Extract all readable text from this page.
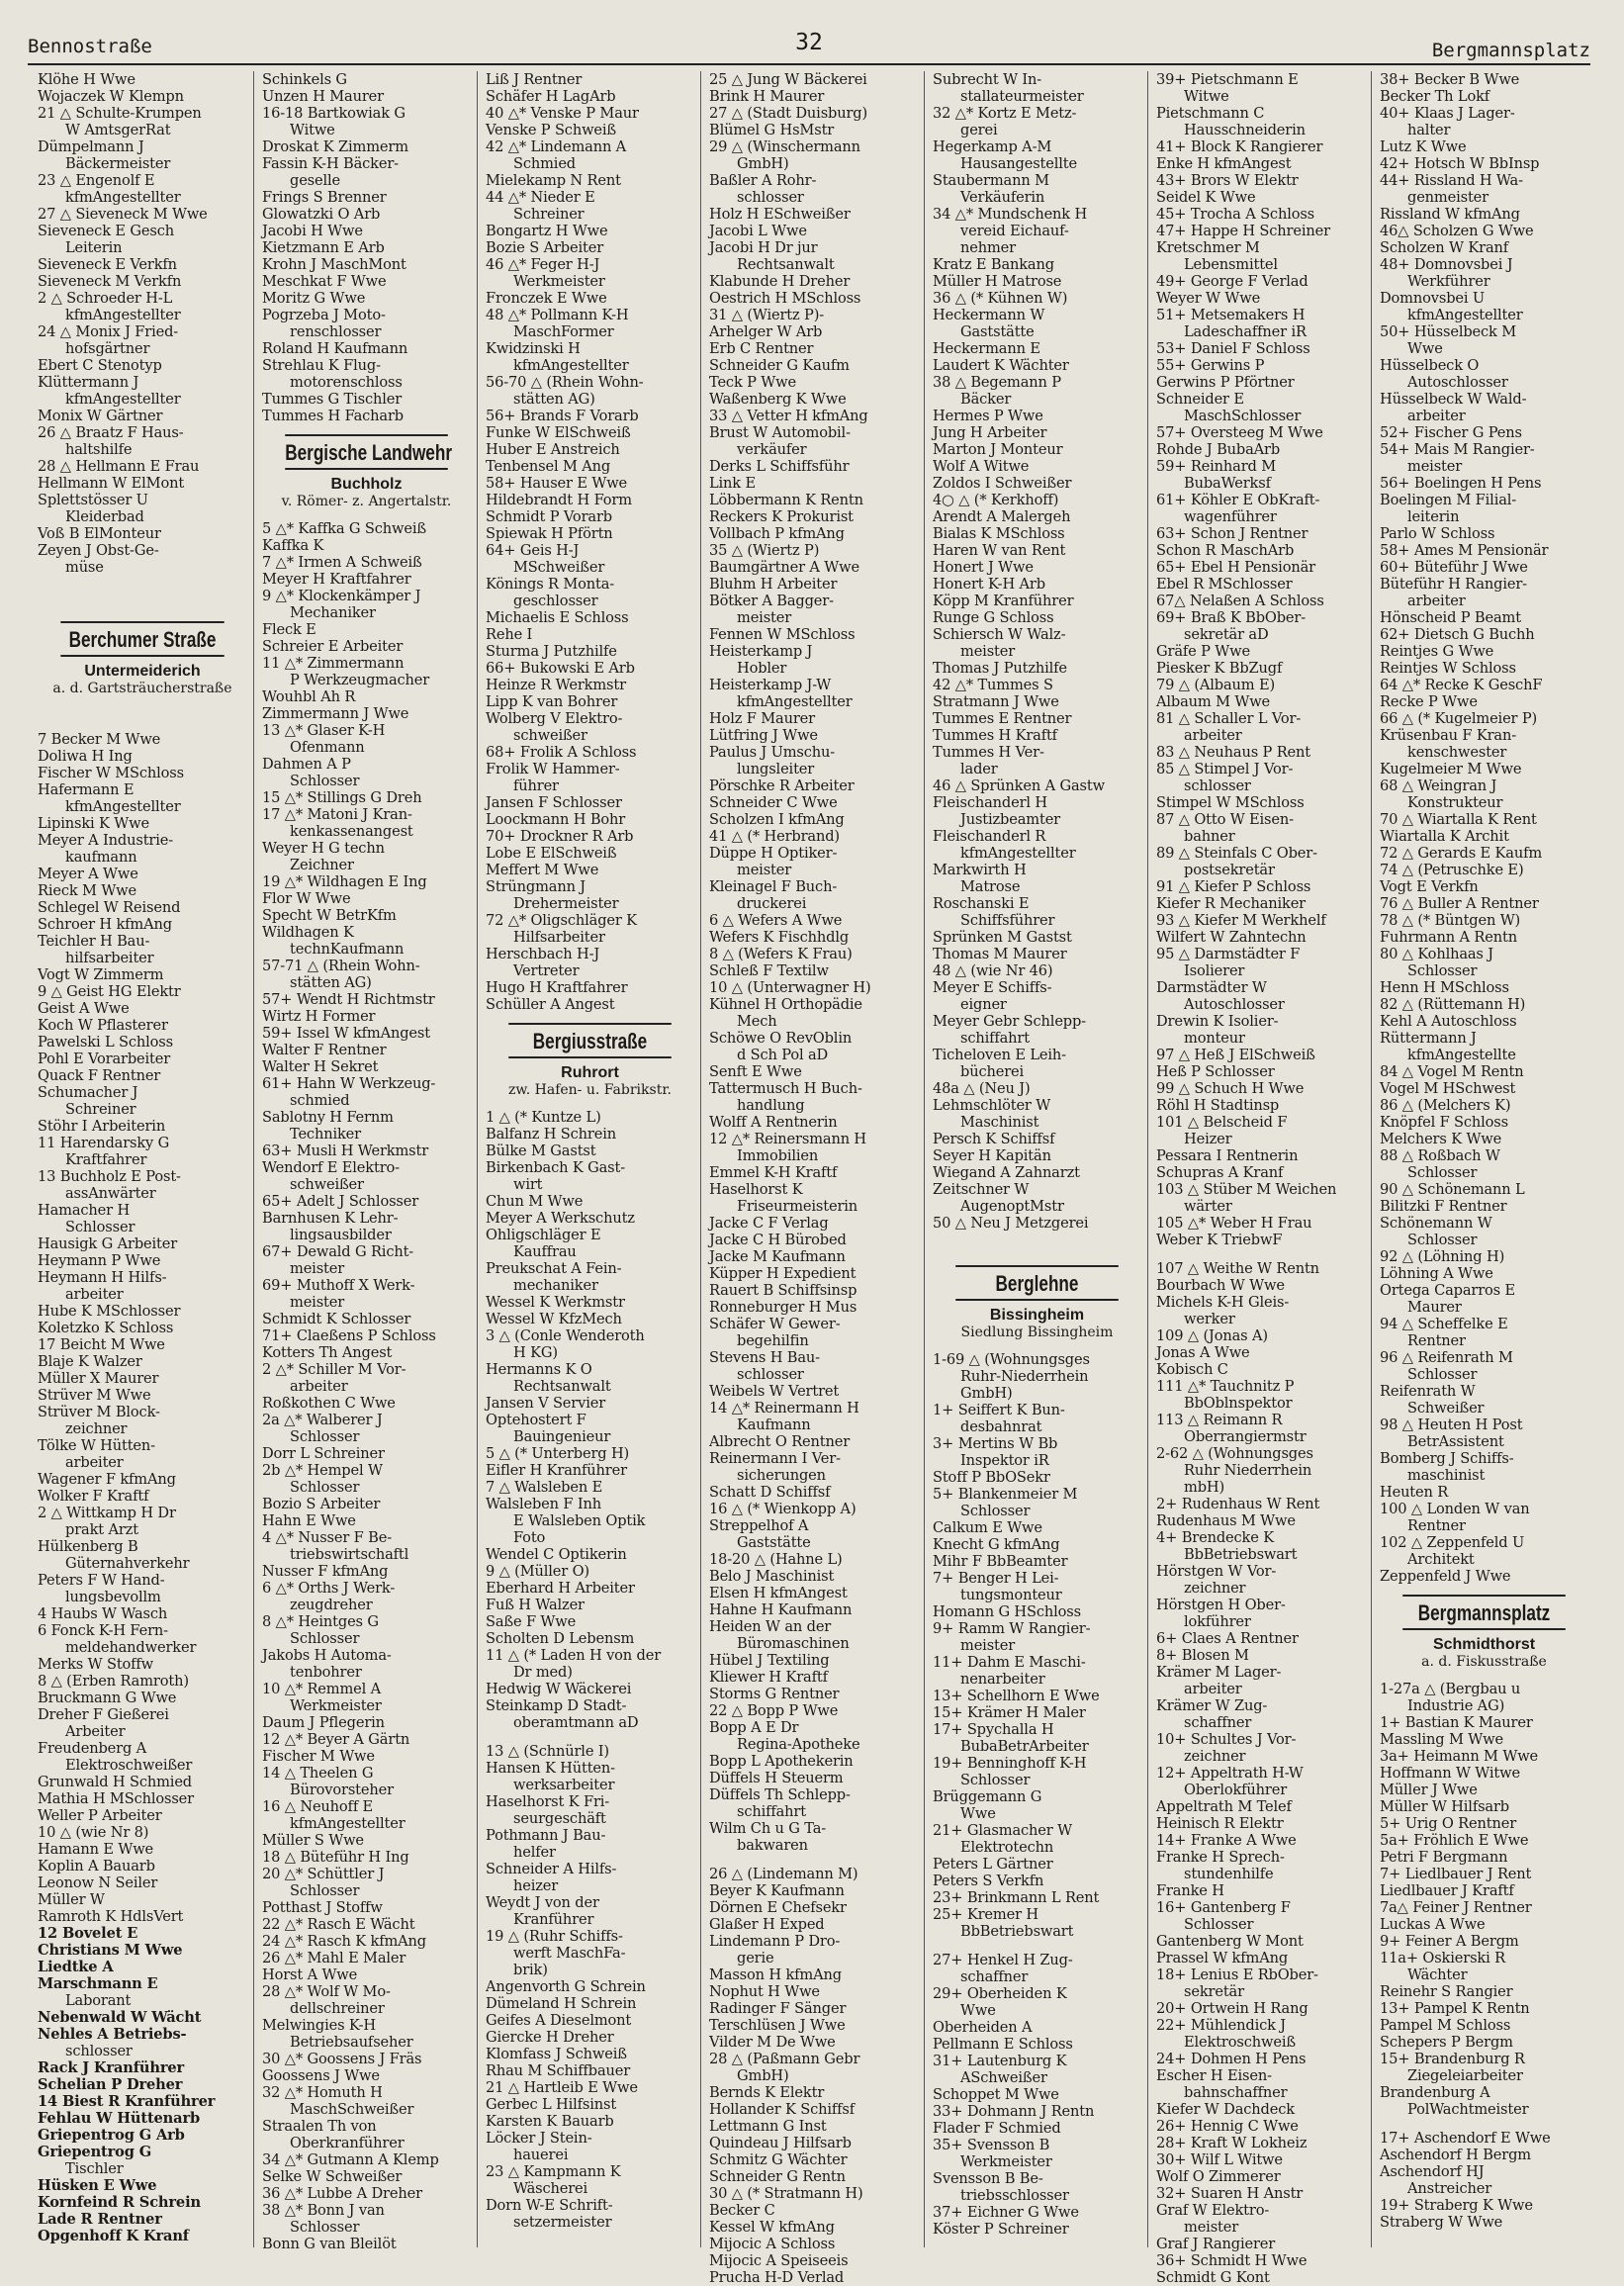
Bennostraße	32	Bergmannsplatz
Klöhe H Wwe
Wojaczek W Klempn
21 △ Schulte-Krumpen
W AmtsgerRat
Dümpelmann J
Bäckermeister
23 △ Engenolf E
kfmAngestellter
27 △ Sieveneck M Wwe
Sieveneck E Gesch
Leiterin
Sieveneck E Verkfn
Sieveneck M Verkfn
2 △ Schroeder H-L
kfmAngestellter
24 △ Monix J Fried-
hofsgärtner
Ebert C Stenotyp
Klüttermann J
kfmAngestellter
Monix W Gärtner
26 △ Braatz F Haus-
haltshilfe
28 △ Hellmann E Frau
Hellmann W ElMont
Splettstösser U
Kleiderbad
Voß B ElMonteur
Zeyen J Obst-Ge-
müse
Berchumer Straße
Untermeiderich
a. d. Gartsträucherstraße
7 Becker M Wwe
Doliwa H Ing
Fischer W MSchloss
Hafermann E
kfmAngestellter
Lipinski K Wwe
Meyer A Industrie-
kaufmann
Meyer A Wwe
Rieck M Wwe
Schlegel W Reisend
Schroer H kfmAng
Teichler H Bau-
hilfsarbeiter
Vogt W Zimmerm
9 △ Geist HG Elektr
Geist A Wwe
Koch W Pflasterer
Pawelski L Schloss
Pohl E Vorarbeiter
Quack F Rentner
Schumacher J
Schreiner
Stöhr I Arbeiterin
11 Harendarsky G
Kraftfahrer
13 Buchholz E Post-
assAnwärter
Hamacher H
Schlosser
Hausigk G Arbeiter
Heymann P Wwe
Heymann H Hilfs-
arbeiter
Hube K MSchlosser
Koletzko K Schloss
17 Beicht M Wwe
Blaje K Walzer
Müller X Maurer
Strüver M Wwe
Strüver M Block-
zeichner
Tölke W Hütten-
arbeiter
Wagener F kfmAng
Wolker F Kraftf
2 △ Wittkamp H Dr
prakt Arzt
Hülkenberg B
Güternahverkehr
Peters F W Hand-
lungsbevollm
4 Haubs W Wasch
6 Fonck K-H Fern-
meldehandwerker
Merks W Stoffw
8 △ (Erben Ramroth)
Bruckmann G Wwe
Dreher F Gießerei
Arbeiter
Freudenberg A
Elektroschweißer
Grunwald H Schmied
Mathia H MSchlosser
Weller P Arbeiter
10 △ (wie Nr 8)
Hamann E Wwe
Koplin A Bauarb
Leonow N Seiler
Müller W
Ramroth K HdlsVert
12 Bovelet E
Christians M Wwe
Liedtke A
Marschmann E
Laborant
Nebenwald W Wächt
Nehles A Betriebs-
schlosser
Rack J Kranführer
Schelian P Dreher
14 Biest R Kranführer
Fehlau W Hüttenarb
Griepentrog G Arb
Griepentrog G
Tischler
Hüsken E Wwe
Kornfeind R Schrein
Lade R Rentner
Opgenhoff K Kranf
Schinkels G
Unzen H Maurer
16-18 Bartkowiak G
Witwe
Droskat K Zimmerm
Fassin K-H Bäcker-
geselle
Frings S Brenner
Glowatzki O Arb
Jacobi H Wwe
Kietzmann E Arb
Krohn J MaschMont
Meschkat F Wwe
Moritz G Wwe
Pogrzeba J Moto-
renschlosser
Roland H Kaufmann
Strehlau K Flug-
motorenschloss
Tummes G Tischler
Tummes H Facharb
Bergische Landwehr
Buchholz
v. Römer- z. Angertalstr.
5 △* Kaffka G Schweiß
Kaffka K
7 △* Irmen A Schweiß
Meyer H Kraftfahrer
9 △* Klockenkämper J
Mechaniker
Fleck E
Schreier E Arbeiter
11 △* Zimmermann
P Werkzeugmacher
Wouhbl Ah R
Zimmermann J Wwe
13 △* Glaser K-H
Ofenmann
Dahmen A P
Schlosser
15 △* Stillings G Dreh
17 △* Matoni J Kran-
kenkassenangest
Weyer H G techn
Zeichner
19 △* Wildhagen E Ing
Flor W Wwe
Specht W BetrKfm
Wildhagen K
technKaufmann
57-71 △ (Rhein Wohn-
stätten AG)
57+ Wendt H Richtmstr
Wirtz H Former
59+ Issel W kfmAngest
Walter F Rentner
Walter H Sekret
61+ Hahn W Werkzeug-
schmied
Sablotny H Fernm
Techniker
63+ Musli H Werkmstr
Wendorf E Elektro-
schweißer
65+ Adelt J Schlosser
Barnhusen K Lehr-
lingsausbilder
67+ Dewald G Richt-
meister
69+ Muthoff X Werk-
meister
Schmidt K Schlosser
71+ Claeßens P Schloss
Kotters Th Angest
2 △* Schiller M Vor-
arbeiter
Roßkothen C Wwe
2a △* Walberer J
Schlosser
Dorr L Schreiner
2b △* Hempel W
Schlosser
Bozio S Arbeiter
Hahn E Wwe
4 △* Nusser F Be-
triebswirtschaftl
Nusser F kfmAng
6 △* Orths J Werk-
zeugdreher
8 △* Heintges G
Schlosser
Jakobs H Automa-
tenbohrer
10 △* Remmel A
Werkmeister
Daum J Pflegerin
12 △* Beyer A Gärtn
Fischer M Wwe
14 △ Theelen G
Bürovorsteher
16 △ Neuhoff E
kfmAngestellter
Müller S Wwe
18 △ Büteführ H Ing
20 △* Schüttler J
Schlosser
Potthast J Stoffw
22 △* Rasch E Wächt
24 △* Rasch K kfmAng
26 △* Mahl E Maler
Horst A Wwe
28 △* Wolf W Mo-
dellschreiner
Melwingies K-H
Betriebsaufseher
30 △* Goossens J Fräs
Goossens J Wwe
32 △* Homuth H
MaschSchweißer
Straalen Th von
Oberkranführer
34 △* Gutmann A Klemp
Selke W Schweißer
36 △* Lubbe A Dreher
38 △* Bonn J van
Schlosser
Bonn G van Bleilöt
Liß J Rentner
Schäfer H LagArb
40 △* Venske P Maur
Venske P Schweiß
42 △* Lindemann A
Schmied
Mielekamp N Rent
44 △* Nieder E
Schreiner
Bongartz H Wwe
Bozie S Arbeiter
46 △* Feger H-J
Werkmeister
Fronczek E Wwe
48 △* Pollmann K-H
MaschFormer
Kwidzinski H
kfmAngestellter
56-70 △ (Rhein Wohn-
stätten AG)
56+ Brands F Vorarb
Funke W ElSchweiß
Huber E Anstreich
Tenbensel M Ang
58+ Hauser E Wwe
Hildebrandt H Form
Schmidt P Vorarb
Spiewak H Pförtn
64+ Geis H-J
MSchweißer
Könings R Monta-
geschlosser
Michaelis E Schloss
Rehe I
Sturma J Putzhilfe
66+ Bukowski E Arb
Heinze R Werkmstr
Lipp K van Bohrer
Wolberg V Elektro-
schweißer
68+ Frolik A Schloss
Frolik W Hammer-
führer
Jansen F Schlosser
Loockmann H Bohr
70+ Drockner R Arb
Lobe E ElSchweiß
Meffert M Wwe
Strüngmann J
Drehermeister
72 △* Oligschläger K
Hilfsarbeiter
Herschbach H-J
Vertreter
Hugo H Kraftfahrer
Schüller A Angest
Bergiusstraße
Ruhrort
zw. Hafen- u. Fabrikstr.
1 △ (* Kuntze L)
Balfanz H Schrein
Bülke M Gastst
Birkenbach K Gast-
wirt
Chun M Wwe
Meyer A Werkschutz
Ohligschläger E
Kauffrau
Preukschat A Fein-
mechaniker
Wessel K Werkmstr
Wessel W KfzMech
3 △ (Conle Wenderoth
H KG)
Hermanns K O
Rechtsanwalt
Jansen V Servier
Optehostert F
Bauingenieur
5 △ (* Unterberg H)
Eifler H Kranführer
7 △ Walsleben E
Walsleben F Inh
E Walsleben Optik
Foto
Wendel C Optikerin
9 △ (Müller O)
Eberhard H Arbeiter
Fuß H Walzer
Saße F Wwe
Scholten D Lebensm
11 △ (* Laden H von der
Dr med)
Hedwig W Wäckerei
Steinkamp D Stadt-
oberamtmann aD
13 △ (Schnürle I)
Hansen K Hütten-
werksarbeiter
Haselhorst K Fri-
seurgeschäft
Pothmann J Bau-
helfer
Schneider A Hilfs-
heizer
Weydt J von der
Kranführer
19 △ (Ruhr Schiffs-
werft MaschFa-
brik)
Angenvorth G Schrein
Dümeland H Schrein
Geifes A Dieselmont
Giercke H Dreher
Klomfass J Schweiß
Rhau M Schiffbauer
21 △ Hartleib E Wwe
Gerbec L Hilfsinst
Karsten K Bauarb
Löcker J Stein-
hauerei
23 △ Kampmann K
Wäscherei
Dorn W-E Schrift-
setzermeister
25 △ Jung W Bäckerei
Brink H Maurer
27 △ (Stadt Duisburg)
Blümel G HsMstr
29 △ (Winschermann
GmbH)
Baßler A Rohr-
schlosser
Holz H ESchweißer
Jacobi L Wwe
Jacobi H Dr jur
Rechtsanwalt
Klabunde H Dreher
Oestrich H MSchloss
31 △ (Wiertz P)-
Arhelger W Arb
Erb C Rentner
Schneider G Kaufm
Teck P Wwe
Waßenberg K Wwe
33 △ Vetter H kfmAng
Brust W Automobil-
verkäufer
Derks L Schiffsführ
Link E
Löbbermann K Rentn
Reckers K Prokurist
Vollbach P kfmAng
35 △ (Wiertz P)
Baumgärtner A Wwe
Bluhm H Arbeiter
Bötker A Bagger-
meister
Fennen W MSchloss
Heisterkamp J
Hobler
Heisterkamp J-W
kfmAngestellter
Holz F Maurer
Lütfring J Wwe
Paulus J Umschu-
lungsleiter
Pörschke R Arbeiter
Schneider C Wwe
Scholzen I kfmAng
41 △ (* Herbrand)
Düppe H Optiker-
meister
Kleinagel F Buch-
druckerei
6 △ Wefers A Wwe
Wefers K Fischhdlg
8 △ (Wefers K Frau)
Schleß F Textilw
10 △ (Unterwagner H)
Kühnel H Orthopädie
Mech
Schöwe O RevOblin
d Sch Pol aD
Senft E Wwe
Tattermusch H Buch-
handlung
Wolff A Rentnerin
12 △* Reinersmann H
Immobilien
Emmel K-H Kraftf
Haselhorst K
Friseurmeisterin
Jacke C F Verlag
Jacke C H Bürobed
Jacke M Kaufmann
Küpper H Expedient
Rauert B Schiffsinsp
Ronneburger H Mus
Schäfer W Gewer-
begehilfin
Stevens H Bau-
schlosser
Weibels W Vertret
14 △* Reinermann H
Kaufmann
Albrecht O Rentner
Reinermann I Ver-
sicherungen
Schatt D Schiffsf
16 △ (* Wienkopp A)
Streppelhof A
Gaststätte
18-20 △ (Hahne L)
Belo J Maschinist
Elsen H kfmAngest
Hahne H Kaufmann
Heiden W an der
Büromaschinen
Hübel J Textiling
Kliewer H Kraftf
Storms G Rentner
22 △ Bopp P Wwe
Bopp A E Dr
Regina-Apotheke
Bopp L Apothekerin
Düffels H Steuerm
Düffels Th Schlepp-
schiffahrt
Wilm Ch u G Ta-
bakwaren
26 △ (Lindemann M)
Beyer K Kaufmann
Dörnen E Chefsekr
Glaßer H Exped
Lindemann P Dro-
gerie
Masson H kfmAng
Nophut H Wwe
Radinger F Sänger
Terschlüsen J Wwe
Vilder M De Wwe
28 △ (Paßmann Gebr
GmbH)
Bernds K Elektr
Hollander K Schiffsf
Lettmann G Inst
Quindeau J Hilfsarb
Schmitz G Wächter
Schneider G Rentn
30 △ (* Stratmann H)
Becker C
Kessel W kfmAng
Mijocic A Schloss
Mijocic A Speiseeis
Prucha H-D Verlad
Subrecht W In-
stallateurmeister
32 △* Kortz E Metz-
gerei
Hegerkamp A-M
Hausangestellte
Staubermann M
Verkäuferin
34 △* Mundschenk H
vereid Eichauf-
nehmer
Kratz E Bankang
Müller H Matrose
36 △ (* Kühnen W)
Heckermann W
Gaststätte
Heckermann E
Laudert K Wächter
38 △ Begemann P
Bäcker
Hermes P Wwe
Jung H Arbeiter
Marton J Monteur
Wolf A Witwe
Zoldos I Schweißer
4○ △ (* Kerkhoff)
Arendt A Malergeh
Bialas K MSchloss
Haren W van Rent
Honert J Wwe
Honert K-H Arb
Köpp M Kranführer
Runge G Schloss
Schiersch W Walz-
meister
Thomas J Putzhilfe
42 △* Tummes S
Stratmann J Wwe
Tummes E Rentner
Tummes H Kraftf
Tummes H Ver-
lader
46 △ Sprünken A Gastw
Fleischanderl H
Justizbeamter
Fleischanderl R
kfmAngestellter
Markwirth H
Matrose
Roschanski E
Schiffsführer
Sprünken M Gastst
Thomas M Maurer
48 △ (wie Nr 46)
Meyer E Schiffs-
eigner
Meyer Gebr Schlepp-
schiffahrt
Ticheloven E Leih-
bücherei
48a △ (Neu J)
Lehmschlöter W
Maschinist
Persch K Schiffsf
Seyer H Kapitän
Wiegand A Zahnarzt
Zeitschner W
AugenoptMstr
50 △ Neu J Metzgerei
Berglehne
Bissingheim
Siedlung Bissingheim
1-69 △ (Wohnungsges
Ruhr-Niederrhein
GmbH)
1+ Seiffert K Bun-
desbahnrat
3+ Mertins W Bb
Inspektor iR
Stoff P BbOSekr
5+ Blankenmeier M
Schlosser
Calkum E Wwe
Knecht G kfmAng
Mihr F BbBeamter
7+ Benger H Lei-
tungsmonteur
Homann G HSchloss
9+ Ramm W Rangier-
meister
11+ Dahm E Maschi-
nenarbeiter
13+ Schellhorn E Wwe
15+ Krämer H Maler
17+ Spychalla H
BubaBetrArbeiter
19+ Benninghoff K-H
Schlosser
Brüggemann G
Wwe
21+ Glasmacher W
Elektrotechn
Peters L Gärtner
Peters S Verkfn
23+ Brinkmann L Rent
25+ Kremer H
BbBetriebswart
27+ Henkel H Zug-
schaffner
29+ Oberheiden K
Wwe
Oberheiden A
Pellmann E Schloss
31+ Lautenburg K
ASchweißer
Schoppet M Wwe
33+ Dohmann J Rentn
Flader F Schmied
35+ Svensson B
Werkmeister
Svensson B Be-
triebsschlosser
37+ Eichner G Wwe
Köster P Schreiner
39+ Pietschmann E
Witwe
Pietschmann C
Hausschneiderin
41+ Block K Rangierer
Enke H kfmAngest
43+ Brors W Elektr
Seidel K Wwe
45+ Trocha A Schloss
47+ Happe H Schreiner
Kretschmer M
Lebensmittel
49+ George F Verlad
Weyer W Wwe
51+ Metsemakers H
Ladeschaffner iR
53+ Daniel F Schloss
55+ Gerwins P
Gerwins P Pförtner
Schneider E
MaschSchlosser
57+ Oversteeg M Wwe
Rohde J BubaArb
59+ Reinhard M
BubaWerksf
61+ Köhler E ObKraft-
wagenführer
63+ Schon J Rentner
Schon R MaschArb
65+ Ebel H Pensionär
Ebel R MSchlosser
67△ Nelaßen A Schloss
69+ Braß K BbOber-
sekretär aD
Gräfe P Wwe
Piesker K BbZugf
79 △ (Albaum E)
Albaum M Wwe
81 △ Schaller L Vor-
arbeiter
83 △ Neuhaus P Rent
85 △ Stimpel J Vor-
schlosser
Stimpel W MSchloss
87 △ Otto W Eisen-
bahner
89 △ Steinfals C Ober-
postsekretär
91 △ Kiefer P Schloss
Kiefer R Mechaniker
93 △ Kiefer M Werkhelf
Wilfert W Zahntechn
95 △ Darmstädter F
Isolierer
Darmstädter W
Autoschlosser
Drewin K Isolier-
monteur
97 △ Heß J ElSchweiß
Heß P Schlosser
99 △ Schuch H Wwe
Röhl H Stadtinsp
101 △ Belscheid F
Heizer
Pessara I Rentnerin
Schupras A Kranf
103 △ Stüber M Weichen
wärter
105 △* Weber H Frau
Weber K TriebwF
107 △ Weithe W Rentn
Bourbach W Wwe
Michels K-H Gleis-
werker
109 △ (Jonas A)
Jonas A Wwe
Kobisch C
111 △* Tauchnitz P
BbOblnspektor
113 △ Reimann R
Oberrangiermstr
2-62 △ (Wohnungsges
Ruhr Niederrhein
mbH)
2+ Rudenhaus W Rent
Rudenhaus M Wwe
4+ Brendecke K
BbBetriebswart
Hörstgen W Vor-
zeichner
Hörstgen H Ober-
lokführer
6+ Claes A Rentner
8+ Blosen M
Krämer M Lager-
arbeiter
Krämer W Zug-
schaffner
10+ Schultes J Vor-
zeichner
12+ Appeltrath H-W
Oberlokführer
Appeltrath M Telef
Heinisch R Elektr
14+ Franke A Wwe
Franke H Sprech-
stundenhilfe
Franke H
16+ Gantenberg F
Schlosser
Gantenberg W Mont
Prassel W kfmAng
18+ Lenius E RbOber-
sekretär
20+ Ortwein H Rang
22+ Mühlendick J
Elektroschweiß
24+ Dohmen H Pens
Escher H Eisen-
bahnschaffner
Kiefer W Dachdeck
26+ Hennig C Wwe
28+ Kraft W Lokheiz
30+ Wilf L Witwe
Wolf O Zimmerer
32+ Suaren H Anstr
Graf W Elektro-
meister
Graf J Rangierer
36+ Schmidt H Wwe
Schmidt G Kont
38+ Becker B Wwe
Becker Th Lokf
40+ Klaas J Lager-
halter
Lutz K Wwe
42+ Hotsch W BbInsp
44+ Rissland H Wa-
genmeister
Rissland W kfmAng
46△ Scholzen G Wwe
Scholzen W Kranf
48+ Domnovsbei J
Werkführer
Domnovsbei U
kfmAngestellter
50+ Hüsselbeck M
Wwe
Hüsselbeck O
Autoschlosser
Hüsselbeck W Wald-
arbeiter
52+ Fischer G Pens
54+ Mais M Rangier-
meister
56+ Boelingen H Pens
Boelingen M Filial-
leiterin
Parlo W Schloss
58+ Ames M Pensionär
60+ Büteführ J Wwe
Büteführ H Rangier-
arbeiter
Hönscheid P Beamt
62+ Dietsch G Buchh
Reintjes G Wwe
Reintjes W Schloss
64 △* Recke K GeschF
Recke P Wwe
66 △ (* Kugelmeier P)
Krüsenbau F Kran-
kenschwester
Kugelmeier M Wwe
68 △ Weingran J
Konstrukteur
70 △ Wiartalla K Rent
Wiartalla K Archit
72 △ Gerards E Kaufm
74 △ (Petruschke E)
Vogt E Verkfn
76 △ Buller A Rentner
78 △ (* Büntgen W)
Fuhrmann A Rentn
80 △ Kohlhaas J
Schlosser
Henn H MSchloss
82 △ (Rüttemann H)
Kehl A Autoschloss
Rüttermann J
kfmAngestellte
84 △ Vogel M Rentn
Vogel M HSchwest
86 △ (Melchers K)
Knöpfel F Schloss
Melchers K Wwe
88 △ Roßbach W
Schlosser
90 △ Schönemann L
Bilitzki F Rentner
Schönemann W
Schlosser
92 △ (Löhning H)
Löhning A Wwe
Ortega Caparros E
Maurer
94 △ Scheffelke E
Rentner
96 △ Reifenrath M
Schlosser
Reifenrath W
Schweißer
98 △ Heuten H Post
BetrAssistent
Bomberg J Schiffs-
maschinist
Heuten R
100 △ Londen W van
Rentner
102 △ Zeppenfeld U
Architekt
Zeppenfeld J Wwe
Bergmannsplatz
Schmidthorst
a. d. Fiskusstraße
1-27a △ (Bergbau u
Industrie AG)
1+ Bastian K Maurer
Massling M Wwe
3a+ Heimann M Wwe
Hoffmann W Witwe
Müller J Wwe
Müller W Hilfsarb
5+ Urig O Rentner
5a+ Fröhlich E Wwe
Petri F Bergmann
7+ Liedlbauer J Rent
Liedlbauer J Kraftf
7a△ Feiner J Rentner
Luckas A Wwe
9+ Feiner A Bergm
11a+ Oskierski R
Wächter
Reinehr S Rangier
13+ Pampel K Rentn
Pampel M Schloss
Schepers P Bergm
15+ Brandenburg R
Ziegeleiarbeiter
Brandenburg A
PolWachtmeister
17+ Aschendorf E Wwe
Aschendorf H Bergm
Aschendorf HJ
Anstreicher
19+ Straberg K Wwe
Straberg W Wwe
